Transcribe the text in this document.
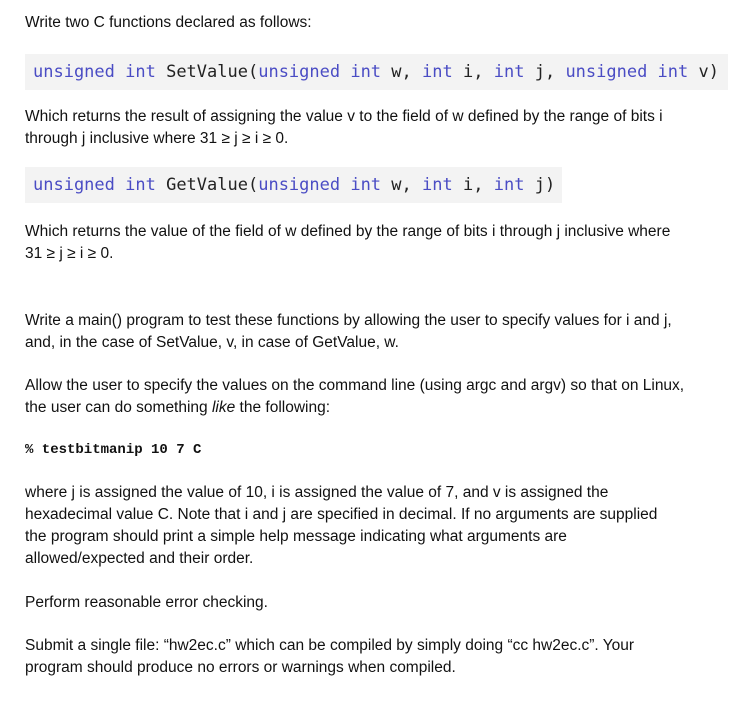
Write two C functions declared as follows:

unsigned int SetValue(unsigned int w, int i, int j, unsigned int v)

Which returns the result of assigning the value v to the field of w defined by the range of bits i
through j inclusive where 31 ≥ j ≥ i ≥ 0.

unsigned int GetValue(unsigned int w, int i, int j)

Which returns the value of the field of w defined by the range of bits i through j inclusive where
31 ≥ j ≥ i ≥ 0.

Write a main() program to test these functions by allowing the user to specify values for i and j,
and, in the case of SetValue, v, in case of GetValue, w.

Allow the user to specify the values on the command line (using argc and argv) so that on Linux,
the user can do something like the following:

% testbitmanip 10 7 C

where j is assigned the value of 10, i is assigned the value of 7, and v is assigned the
hexadecimal value C. Note that i and j are specified in decimal. If no arguments are supplied
the program should print a simple help message indicating what arguments are
allowed/expected and their order.

Perform reasonable error checking.

Submit a single file: “hw2ec.c” which can be compiled by simply doing “cc hw2ec.c”. Your
program should produce no errors or warnings when compiled.
